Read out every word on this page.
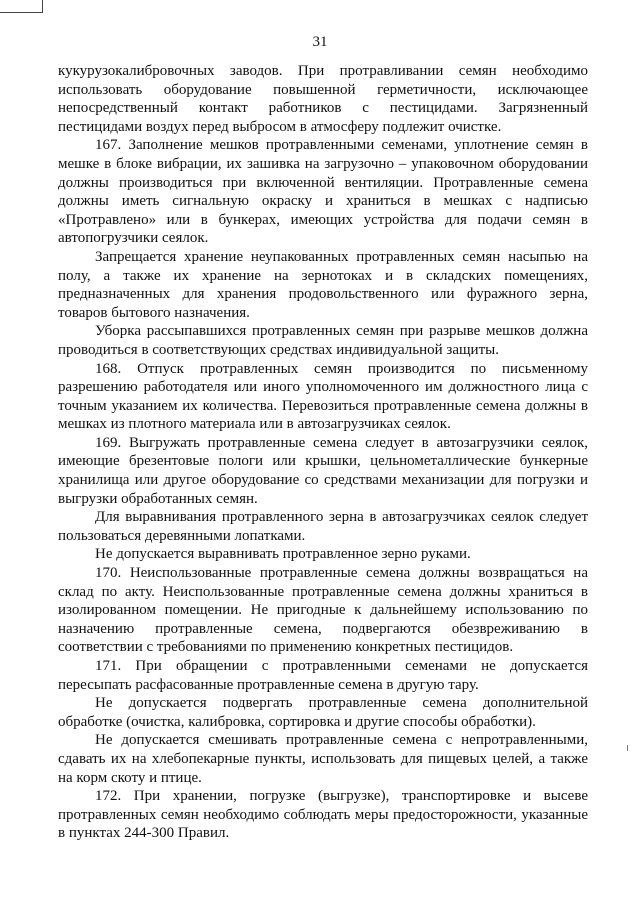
31

кукурузокалибровочных заводов. При протравливании семян необходимо использовать оборудование повышенной герметичности, исключающее непосредственный контакт работников с пестицидами. Загрязненный пестицидами воздух перед выбросом в атмосферу подлежит очистке.

167. Заполнение мешков протравленными семенами, уплотнение семян в мешке в блоке вибрации, их зашивка на загрузочно – упаковочном оборудовании должны производиться при включенной вентиляции. Протравленные семена должны иметь сигнальную окраску и храниться в мешках с надписью «Протравлено» или в бункерах, имеющих устройства для подачи семян в автопогрузчики сеялок.

Запрещается хранение неупакованных протравленных семян насыпью на полу, а также их хранение на зернотоках и в складских помещениях, предназначенных для хранения продовольственного или фуражного зерна, товаров бытового назначения.

Уборка рассыпавшихся протравленных семян при разрыве мешков должна проводиться в соответствующих средствах индивидуальной защиты.

168. Отпуск протравленных семян производится по письменному разрешению работодателя или иного уполномоченного им должностного лица с точным указанием их количества. Перевозиться протравленные семена должны в мешках из плотного материала или в автозагрузчиках сеялок.

169. Выгружать протравленные семена следует в автозагрузчики сеялок, имеющие брезентовые пологи или крышки, цельнометаллические бункерные хранилища или другое оборудование со средствами механизации для погрузки и выгрузки обработанных семян.

Для выравнивания протравленного зерна в автозагрузчиках сеялок следует пользоваться деревянными лопатками.

Не допускается выравнивать протравленное зерно руками.

170. Неиспользованные протравленные семена должны возвращаться на склад по акту. Неиспользованные протравленные семена должны храниться в изолированном помещении. Не пригодные к дальнейшему использованию по назначению протравленные семена, подвергаются обезвреживанию в соответствии с требованиями по применению конкретных пестицидов.

171. При обращении с протравленными семенами не допускается пересыпать расфасованные протравленные семена в другую тару.

Не допускается подвергать протравленные семена дополнительной обработке (очистка, калибровка, сортировка и другие способы обработки).

Не допускается смешивать протравленные семена с непротравленными, сдавать их на хлебопекарные пункты, использовать для пищевых целей, а также на корм скоту и птице.

172. При хранении, погрузке (выгрузке), транспортировке и высеве протравленных семян необходимо соблюдать меры предосторожности, указанные в пунктах 244-300 Правил.
